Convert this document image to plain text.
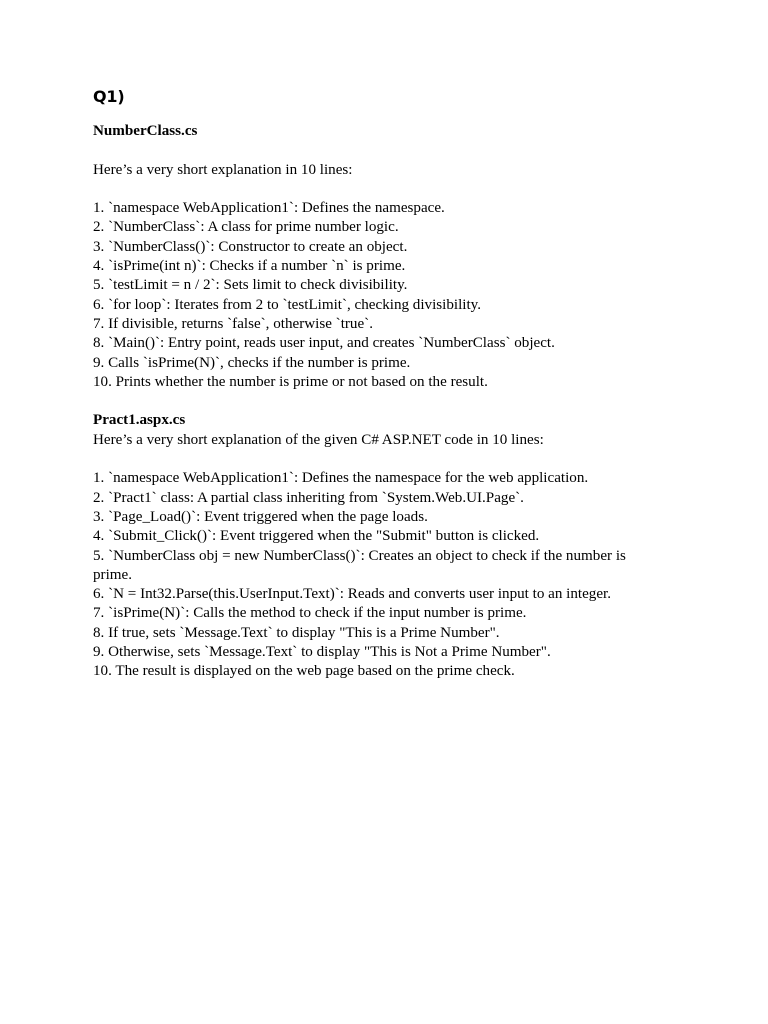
Q1)

NumberClass.cs

Here’s a very short explanation in 10 lines:

1. `namespace WebApplication1`: Defines the namespace.
2. `NumberClass`: A class for prime number logic.
3. `NumberClass()`: Constructor to create an object.
4. `isPrime(int n)`: Checks if a number `n` is prime.
5. `testLimit = n / 2`: Sets limit to check divisibility.
6. `for loop`: Iterates from 2 to `testLimit`, checking divisibility.
7. If divisible, returns `false`, otherwise `true`.
8. `Main()`: Entry point, reads user input, and creates `NumberClass` object.
9. Calls `isPrime(N)`, checks if the number is prime.
10. Prints whether the number is prime or not based on the result.

Pract1.aspx.cs

Here’s a very short explanation of the given C# ASP.NET code in 10 lines:

1. `namespace WebApplication1`: Defines the namespace for the web application.
2. `Pract1` class: A partial class inheriting from `System.Web.UI.Page`.
3. `Page_Load()`: Event triggered when the page loads.
4. `Submit_Click()`: Event triggered when the "Submit" button is clicked.
5. `NumberClass obj = new NumberClass()`: Creates an object to check if the number is prime.
6. `N = Int32.Parse(this.UserInput.Text)`: Reads and converts user input to an integer.
7. `isPrime(N)`: Calls the method to check if the input number is prime.
8. If true, sets `Message.Text` to display "This is a Prime Number".
9. Otherwise, sets `Message.Text` to display "This is Not a Prime Number".
10. The result is displayed on the web page based on the prime check.
